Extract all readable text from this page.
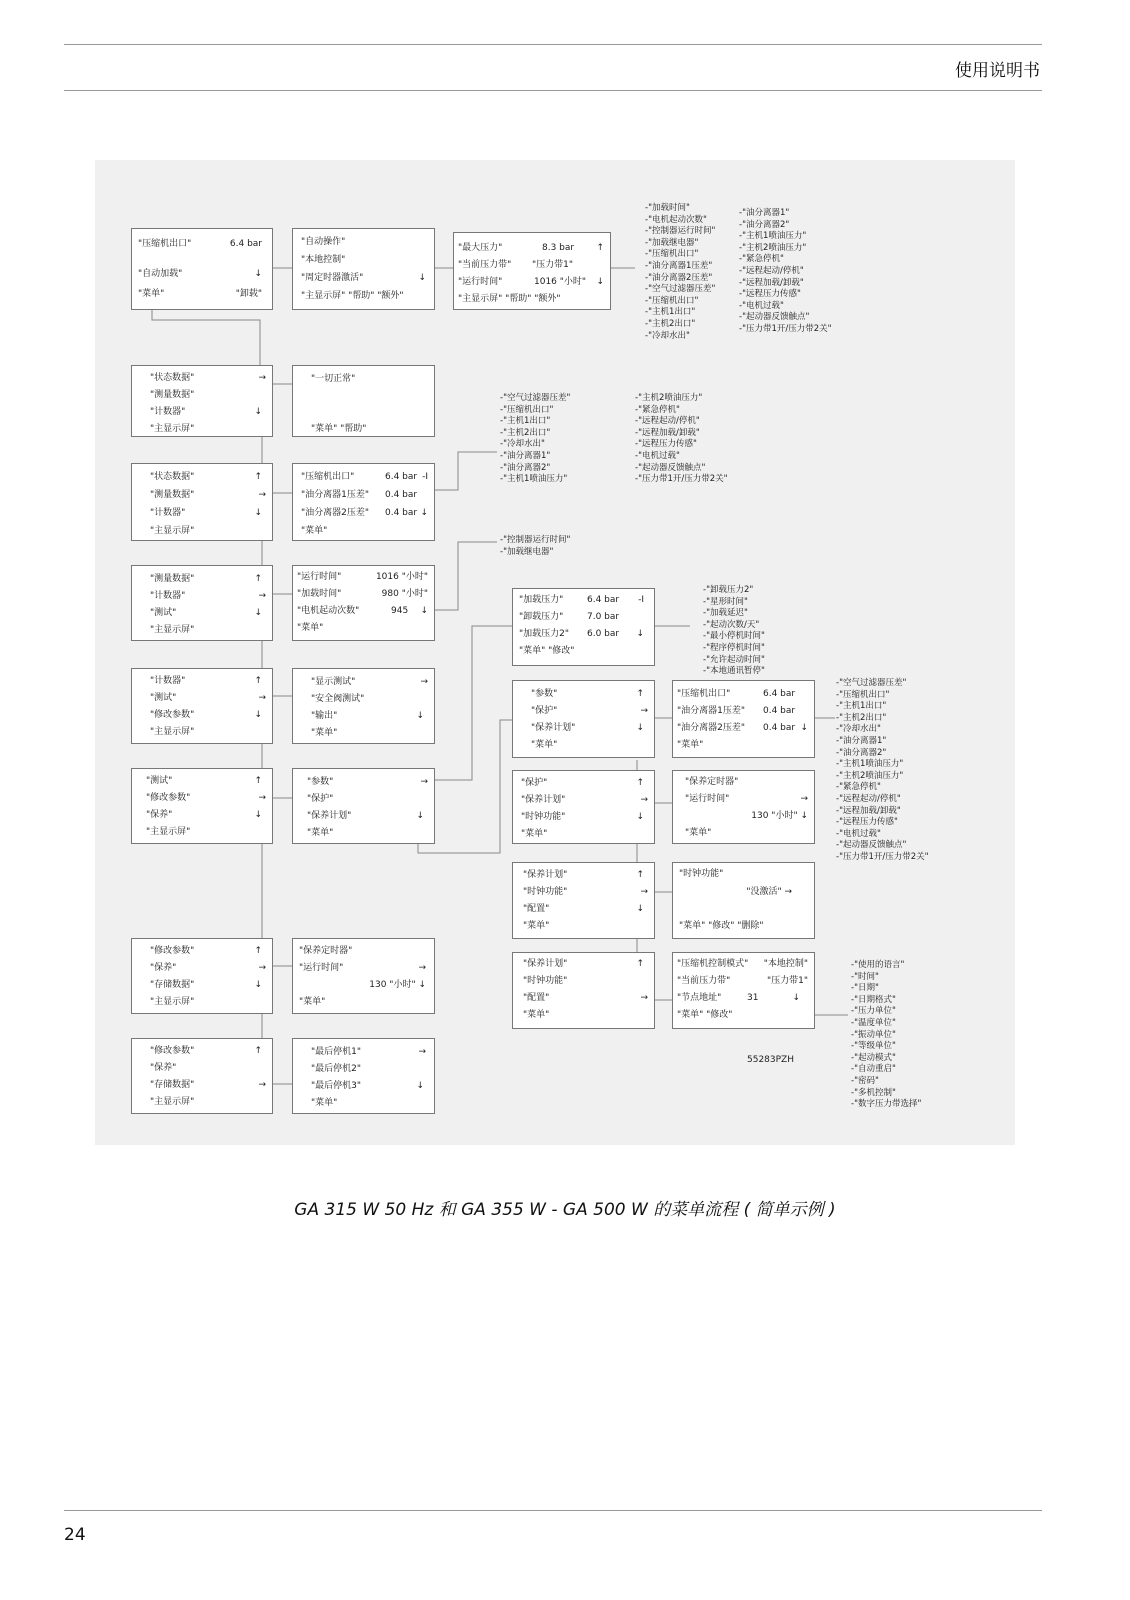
使用说明书
"压缩机出口"	6.4 bar
"自动加载"	↓
"菜单"	"卸载"
"自动操作"
"本地控制"
"周定时器激活"	↓
"主显示屏" "帮助" "额外"
"最大压力"	8.3 bar ↑
"当前压力带" "压力带1"
"运行时间"	1016 "小时" ↓
"主显示屏" "帮助" "额外"
"状态数据"	→
"测量数据"
"计数器"	↓
"主显示屏"
"一切正常"
"菜单" "帮助"
"状态数据"	↑
"测量数据"	→
"计数器"	↓
"主显示屏"
"压缩机出口"	6.4 bar -I
"油分离器1压差" 0.4 bar
"油分离器2压差" 0.4 bar ↓
"菜单"
"测量数据"	↑
"计数器"	→
"测试"	↓
"主显示屏"
"运行时间"	1016 "小时"
"加载时间"	980 "小时"
"电机起动次数"	945 ↓
"菜单"
"计数器"	↑
"测试"	→
"修改参数"	↓
"主显示屏"
"显示测试"	→
"安全阀测试"
"输出"	↓
"菜单"
"测试"	↑
"修改参数"	→
"保养"	↓
"主显示屏"
"参数"	→
"保护"
"保养计划"	↓
"菜单"
"修改参数"	↑
"保养"	→
"存储数据"	↓
"主显示屏"
"保养定时器"
"运行时间"	→
130 "小时" ↓
"菜单"
"修改参数"	↑
"保养"
"存储数据"	→
"主显示屏"
"最后停机1"	→
"最后停机2"
"最后停机3"	↓
"菜单"
"加载压力"	6.4 bar -I
"卸载压力"	7.0 bar
"加载压力2" 6.0 bar ↓
"菜单" "修改"
"参数"	↑
"保护"	→
"保养计划"	↓
"菜单"
"压缩机出口"	6.4 bar
"油分离器1压差" 0.4 bar
"油分离器2压差" 0.4 bar ↓
"菜单"
"保护"	↑
"保养计划"	→
"时钟功能"	↓
"菜单"
"保养定时器"
"运行时间"	→
130 "小时" ↓
"菜单"
"保养计划"	↑
"时钟功能"	→
"配置"	↓
"菜单"
"时钟功能"
"没激活" →
"菜单" "修改" "删除"
"保养计划"	↑
"时钟功能"
"配置"	→
"菜单"
"压缩机控制模式" "本地控制"
"当前压力带"	"压力带1"
"节点地址"	31	↓
"菜单" "修改"
-"加载时间"
-"电机起动次数"
-"控制器运行时间"
-"加载继电器"
-"压缩机出口"
-"油分离器1压差"
-"油分离器2压差"
-"空气过滤器压差"
-"压缩机出口"
-"主机1出口"
-"主机2出口"
-"冷却水出"
-"油分离器1"
-"油分离器2"
-"主机1喷油压力"
-"主机2喷油压力"
-"紧急停机"
-"远程起动/停机"
-"远程加载/卸载"
-"远程压力传感"
-"电机过载"
-"起动器反馈触点"
-"压力带1开/压力带2关"
-"空气过滤器压差"
-"压缩机出口"
-"主机1出口"
-"主机2出口"
-"冷却水出"
-"油分离器1"
-"油分离器2"
-"主机1喷油压力"
-"主机2喷油压力"
-"紧急停机"
-"远程起动/停机"
-"远程加载/卸载"
-"远程压力传感"
-"电机过载"
-"起动器反馈触点"
-"压力带1开/压力带2关"
-"控制器运行时间"
-"加载继电器"
-"卸载压力2"
-"星形时间"
-"加载延迟"
-"起动次数/天"
-"最小停机时间"
-"程序停机时间"
-"允许起动时间"
-"本地通讯暂停"
-"空气过滤器压差"
-"压缩机出口"
-"主机1出口"
-"主机2出口"
-"冷却水出"
-"油分离器1"
-"油分离器2"
-"主机1喷油压力"
-"主机2喷油压力"
-"紧急停机"
-"远程起动/停机"
-"远程加载/卸载"
-"远程压力传感"
-"电机过载"
-"起动器反馈触点"
-"压力带1开/压力带2关"
-"使用的语言"
-"时间"
-"日期"
-"日期格式"
-"压力单位"
-"温度单位"
-"振动单位"
-"等级单位"
-"起动模式"
-"自动重启"
-"密码"
-"多机控制"
-"数字压力带选择"
55283PZH
GA 315 W 50 Hz 和 GA 355 W - GA 500 W 的菜单流程 ( 简单示例 )
24
